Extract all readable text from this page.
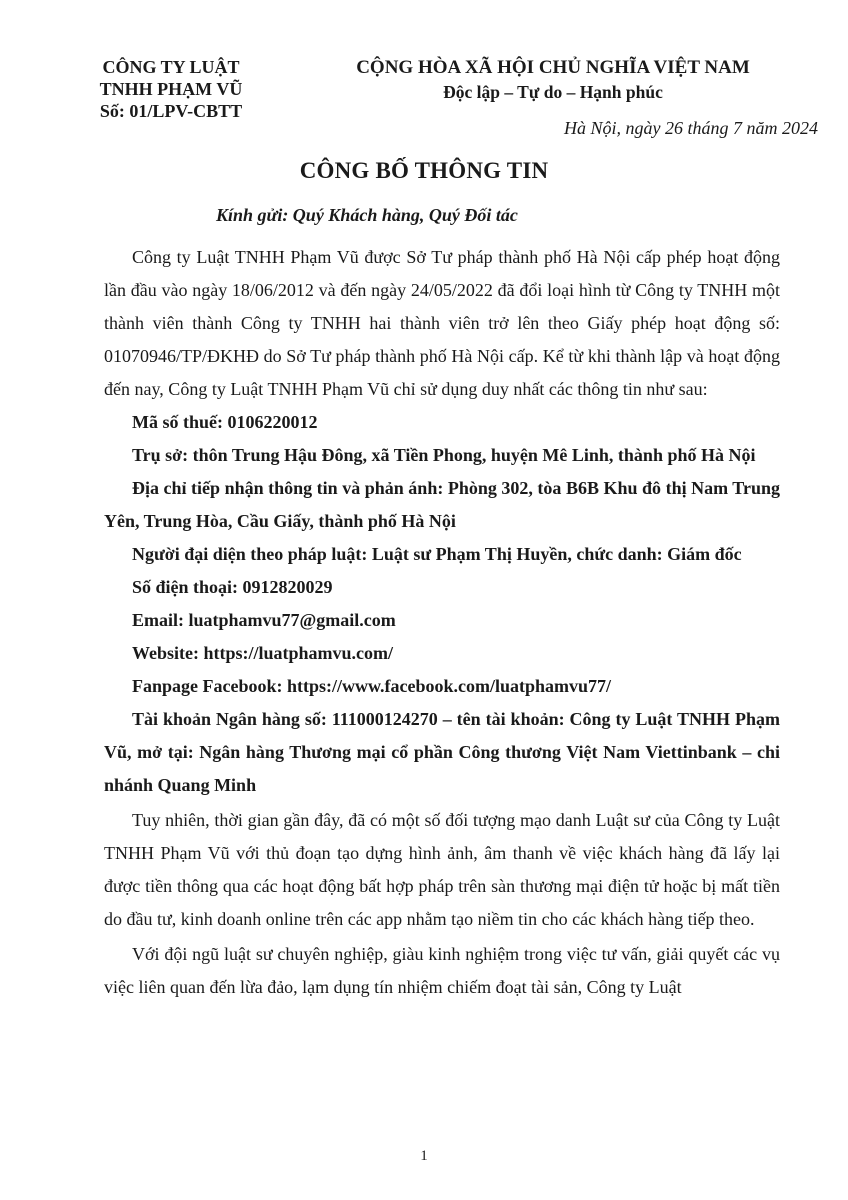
CÔNG TY LUẬT
TNHH PHẠM VŨ
Số: 01/LPV-CBTT
CỘNG HÒA XÃ HỘI CHỦ NGHĨA VIỆT NAM
Độc lập – Tự do – Hạnh phúc
Hà Nội, ngày 26 tháng 7 năm 2024
CÔNG BỐ THÔNG TIN
Kính gửi: Quý Khách hàng, Quý Đối tác

Công ty Luật TNHH Phạm Vũ được Sở Tư pháp thành phố Hà Nội cấp phép hoạt động lần đầu vào ngày 18/06/2012 và đến ngày 24/05/2022 đã đổi loại hình từ Công ty TNHH một thành viên thành Công ty TNHH hai thành viên trở lên theo Giấy phép hoạt động số: 01070946/TP/ĐKHĐ do Sở Tư pháp thành phố Hà Nội cấp. Kể từ khi thành lập và hoạt động đến nay, Công ty Luật TNHH Phạm Vũ chỉ sử dụng duy nhất các thông tin như sau:

Mã số thuế: 0106220012

Trụ sở: thôn Trung Hậu Đông, xã Tiền Phong, huyện Mê Linh, thành phố Hà Nội

Địa chỉ tiếp nhận thông tin và phản ánh: Phòng 302, tòa B6B Khu đô thị Nam Trung Yên, Trung Hòa, Cầu Giấy, thành phố Hà Nội

Người đại diện theo pháp luật: Luật sư Phạm Thị Huyền, chức danh: Giám đốc

Số điện thoại: 0912820029

Email: luatphamvu77@gmail.com

Website: https://luatphamvu.com/

Fanpage Facebook: https://www.facebook.com/luatphamvu77/

Tài khoản Ngân hàng số: 111000124270 – tên tài khoản: Công ty Luật TNHH Phạm Vũ, mở tại: Ngân hàng Thương mại cổ phần Công thương Việt Nam Viettinbank – chi nhánh Quang Minh

Tuy nhiên, thời gian gần đây, đã có một số đối tượng mạo danh Luật sư của Công ty Luật TNHH Phạm Vũ với thủ đoạn tạo dựng hình ảnh, âm thanh về việc khách hàng đã lấy lại được tiền thông qua các hoạt động bất hợp pháp trên sàn thương mại điện tử hoặc bị mất tiền do đầu tư, kinh doanh online trên các app nhằm tạo niềm tin cho các khách hàng tiếp theo.

Với đội ngũ luật sư chuyên nghiệp, giàu kinh nghiệm trong việc tư vấn, giải quyết các vụ việc liên quan đến lừa đảo, lạm dụng tín nhiệm chiếm đoạt tài sản, Công ty Luật

1
